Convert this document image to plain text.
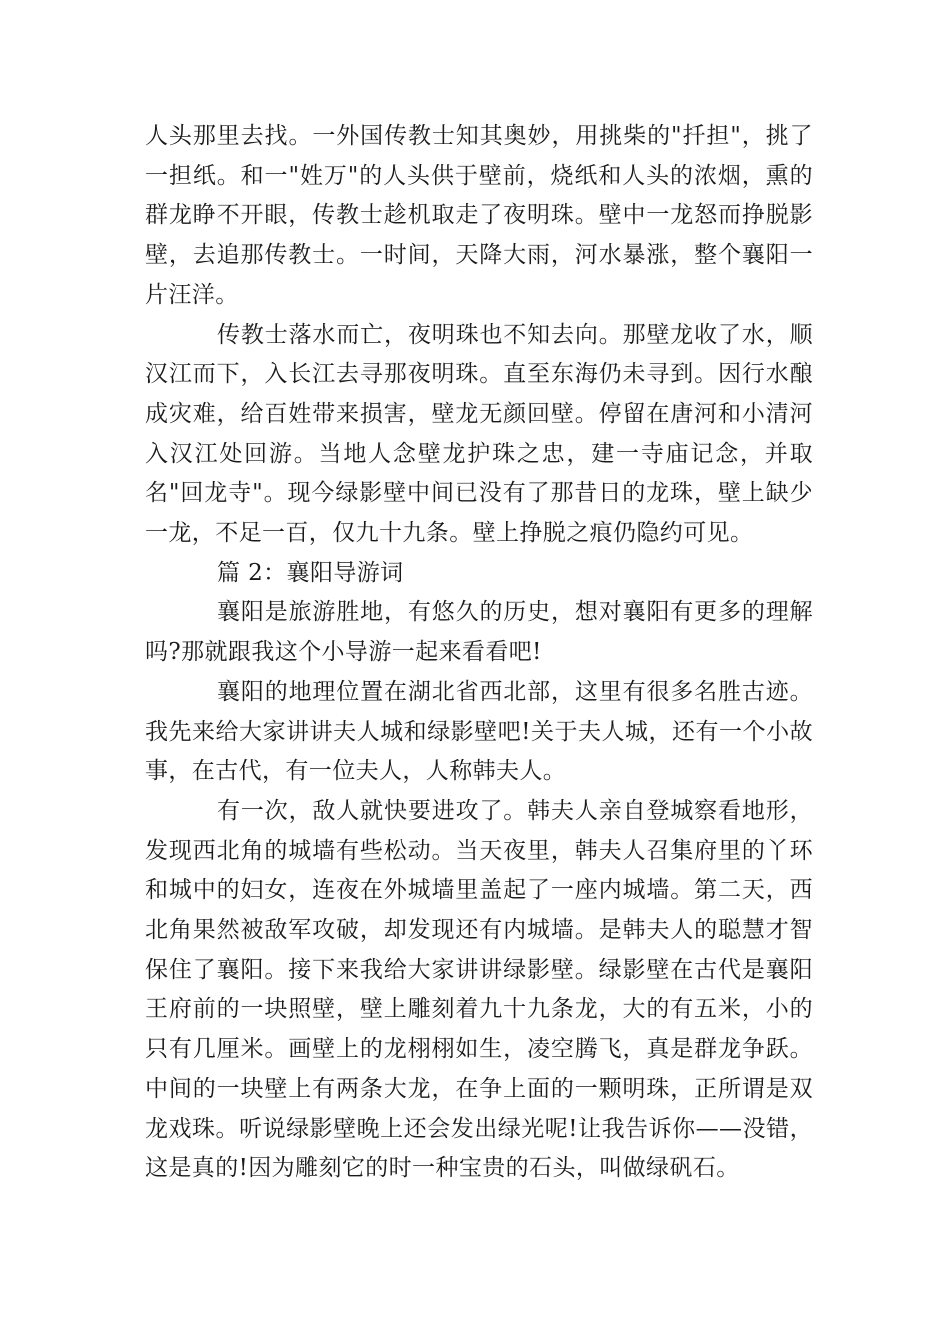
人头那里去找。一外国传教士知其奥妙，用挑柴的"扦担"，挑了一担纸。和一"姓万"的人头供于壁前，烧纸和人头的浓烟，熏的群龙睁不开眼，传教士趁机取走了夜明珠。壁中一龙怒而挣脱影壁，去追那传教士。一时间，天降大雨，河水暴涨，整个襄阳一片汪洋。

传教士落水而亡，夜明珠也不知去向。那壁龙收了水，顺汉江而下，入长江去寻那夜明珠。直至东海仍未寻到。因行水酿成灾难，给百姓带来损害，壁龙无颜回壁。停留在唐河和小清河入汉江处回游。当地人念壁龙护珠之忠，建一寺庙记念，并取名"回龙寺"。现今绿影壁中间已没有了那昔日的龙珠，壁上缺少一龙，不足一百，仅九十九条。壁上挣脱之痕仍隐约可见。

篇 2：襄阳导游词

襄阳是旅游胜地，有悠久的历史，想对襄阳有更多的理解吗?那就跟我这个小导游一起来看看吧!

襄阳的地理位置在湖北省西北部，这里有很多名胜古迹。我先来给大家讲讲夫人城和绿影壁吧!关于夫人城，还有一个小故事，在古代，有一位夫人，人称韩夫人。

有一次，敌人就快要进攻了。韩夫人亲自登城察看地形，发现西北角的城墙有些松动。当天夜里，韩夫人召集府里的丫环和城中的妇女，连夜在外城墙里盖起了一座内城墙。第二天，西北角果然被敌军攻破，却发现还有内城墙。是韩夫人的聪慧才智保住了襄阳。接下来我给大家讲讲绿影壁。绿影壁在古代是襄阳王府前的一块照壁，壁上雕刻着九十九条龙，大的有五米，小的只有几厘米。画壁上的龙栩栩如生，凌空腾飞，真是群龙争跃。中间的一块壁上有两条大龙，在争上面的一颗明珠，正所谓是双龙戏珠。听说绿影壁晚上还会发出绿光呢!让我告诉你——没错，这是真的!因为雕刻它的时一种宝贵的石头，叫做绿矾石。
